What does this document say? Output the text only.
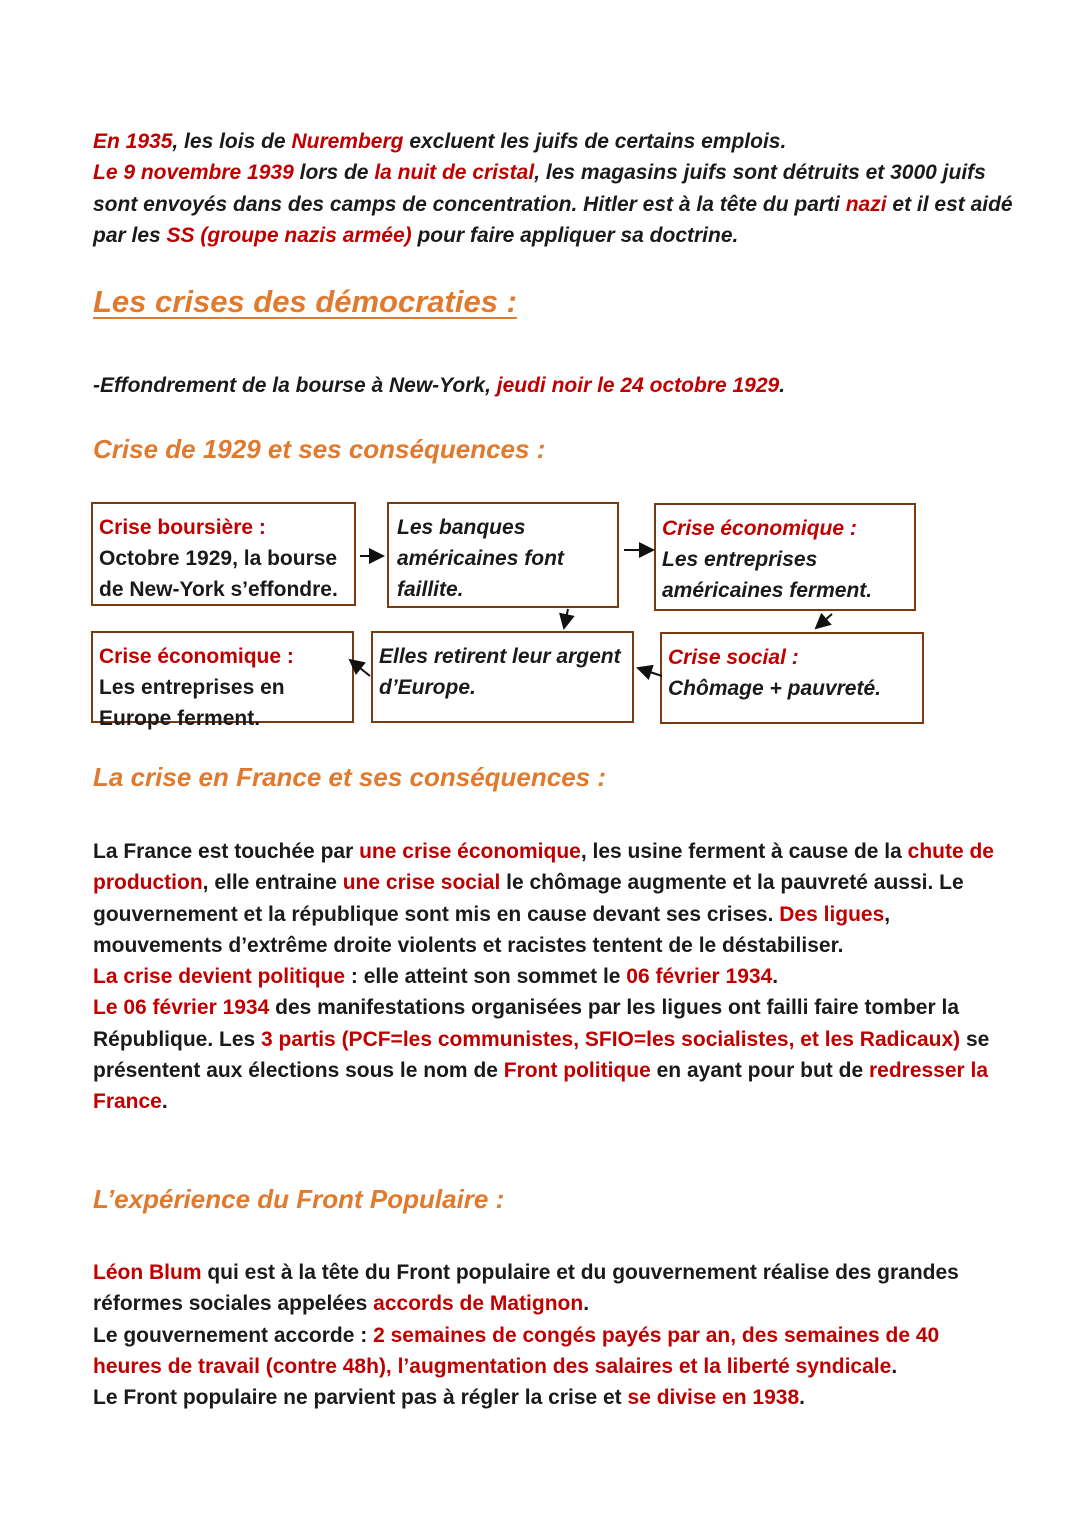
En 1935, les lois de Nuremberg excluent les juifs de certains emplois.
Le 9 novembre 1939 lors de la nuit de cristal, les magasins juifs sont détruits et 3000 juifs sont envoyés dans des camps de concentration. Hitler est à la tête du parti nazi et il est aidé par les SS (groupe nazis armée) pour faire appliquer sa doctrine.

Les crises des démocraties :

-Effondrement de la bourse à New-York, jeudi noir le 24 octobre 1929.

Crise de 1929 et ses conséquences :
Crise boursière :
Octobre 1929, la bourse de New-York s’effondre.
Les banques américaines font faillite.
Crise économique :
Les entreprises américaines ferment.
Crise économique :
Les entreprises en Europe ferment.
Elles retirent leur argent d’Europe.
Crise social :
Chômage + pauvreté.
La crise en France et ses conséquences :

La France est touchée par une crise économique, les usine ferment à cause de la chute de production, elle entraine une crise social le chômage augmente et la pauvreté aussi. Le gouvernement et la république sont mis en cause devant ses crises. Des ligues, mouvements d’extrême droite violents et racistes tentent de le déstabiliser.
La crise devient politique : elle atteint son sommet le 06 février 1934.
Le 06 février 1934 des manifestations organisées par les ligues ont failli faire tomber la République. Les 3 partis (PCF=les communistes, SFIO=les socialistes, et les Radicaux) se présentent aux élections sous le nom de Front politique en ayant pour but de redresser la France.

L’expérience du Front Populaire :

Léon Blum qui est à la tête du Front populaire et du gouvernement réalise des grandes réformes sociales appelées accords de Matignon.
Le gouvernement accorde : 2 semaines de congés payés par an, des semaines de 40 heures de travail (contre 48h), l’augmentation des salaires et la liberté syndicale.
Le Front populaire ne parvient pas à régler la crise et se divise en 1938.
